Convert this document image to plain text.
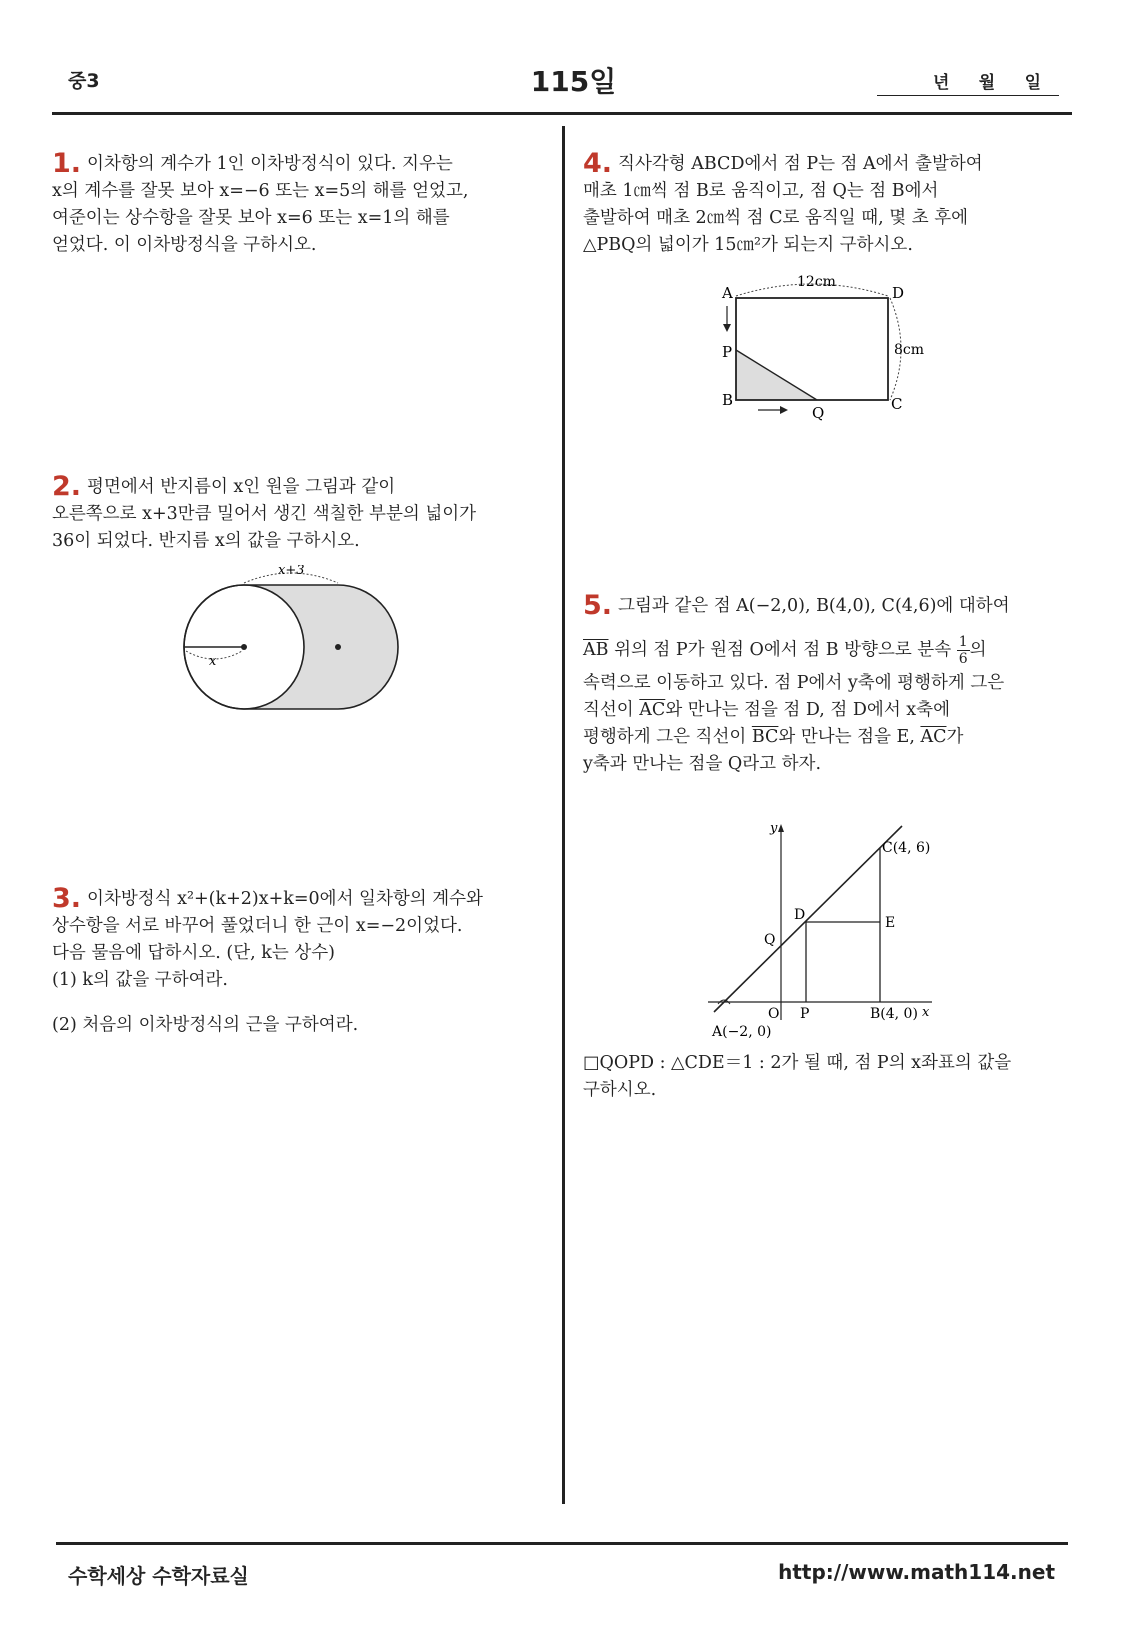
중3	115일	년 월 일

1. 이차항의 계수가 1인 이차방정식이 있다. 지우는

x의 계수를 잘못 보아 x=−6 또는 x=5의 해를 얻었고,

여준이는 상수항을 잘못 보아 x=6 또는 x=1의 해를

얻었다. 이 이차방정식을 구하시오.

2. 평면에서 반지름이 x인 원을 그림과 같이

오른쪽으로 x+3만큼 밀어서 생긴 색칠한 부분의 넓이가

36이 되었다. 반지름 x의 값을 구하시오.

x
x+3

3. 이차방정식 x²+(k+2)x+k=0에서 일차항의 계수와

상수항을 서로 바꾸어 풀었더니 한 근이 x=−2이었다.

다음 물음에 답하시오. (단, k는 상수)

(1) k의 값을 구하여라.

(2) 처음의 이차방정식의 근을 구하여라.

4. 직사각형 ABCD에서 점 P는 점 A에서 출발하여

매초 1㎝씩 점 B로 움직이고, 점 Q는 점 B에서

출발하여 매초 2㎝씩 점 C로 움직일 때, 몇 초 후에

△PBQ의 넓이가 15㎝²가 되는지 구하시오.

12cm
8cm
A	D
P
B	C
Q

5. 그림과 같은 점 A(−2,0), B(4,0), C(4,6)에 대하여

$\overline{AB}$ 위의 점 P가 원점 O에서 점 B 방향으로 분속 $\frac{1}{6}$ 의

속력으로 이동하고 있다. 점 P에서 y축에 평행하게 그은

직선이 $\overline{AC}$와 만나는 점을 점 D, 점 D에서 x축에

평행하게 그은 직선이 $\overline{BC}$와 만나는 점을 E, $\overline{AC}$가

y축과 만나는 점을 Q라고 하자.

y
x
C(4, 6)
D	E
Q
O P	B(4, 0)
A(−2, 0)

□QOPD : △CDE＝1 : 2가 될 때, 점 P의 x좌표의 값을

구하시오.

수학세상 수학자료실	http://www.math114.net
